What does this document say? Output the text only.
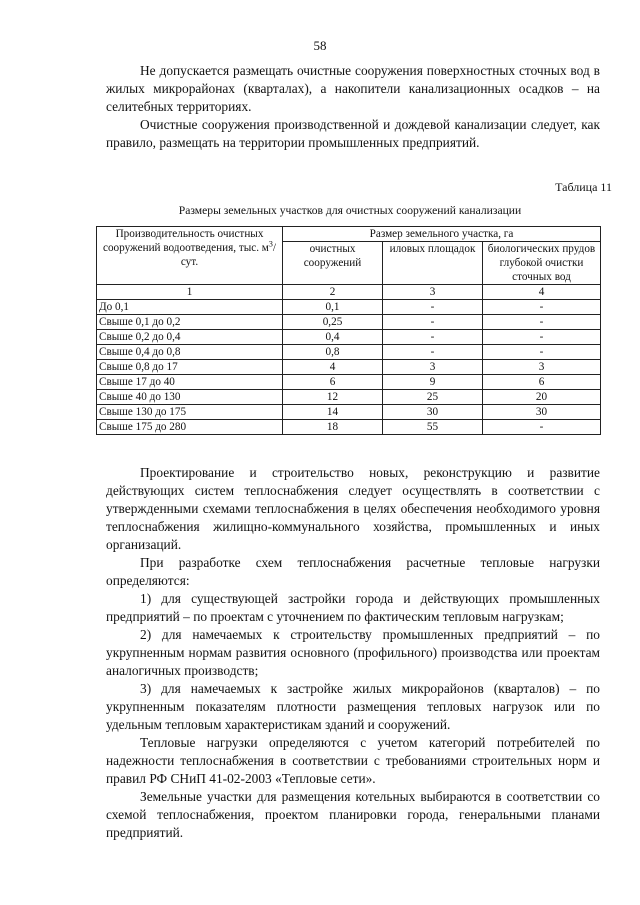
58

Не допускается размещать очистные сооружения поверхностных сточных вод в жилых микрорайонах (кварталах), а накопители канализационных осадков – на селитебных территориях.

Очистные сооружения производственной и дождевой канализации следует, как правило, размещать на территории промышленных предприятий.

Таблица 11
Размеры земельных участков для очистных сооружений канализации
Производительность очистных сооружений водоотведения, тыс. $м^3$/сут.	Размер земельного участка, га		
	очистных сооружений	иловых площадок	биологических прудов глубокой очистки сточных вод
1	2	3	4
До 0,1	0,1	-	-
Свыше 0,1 до 0,2	0,25	-	-
Свыше 0,2 до 0,4	0,4	-	-
Свыше 0,4 до 0,8	0,8	-	-
Свыше 0,8 до 17	4	3	3
Свыше 17 до 40	6	9	6
Свыше 40 до 130	12	25	20
Свыше 130 до 175	14	30	30
Свыше 175 до 280	18	55	-

Проектирование и строительство новых, реконструкцию и развитие действующих систем теплоснабжения следует осуществлять в соответствии с утвержденными схемами теплоснабжения в целях обеспечения необходимого уровня теплоснабжения жилищно-коммунального хозяйства, промышленных и иных организаций.

При разработке схем теплоснабжения расчетные тепловые нагрузки определяются:

1) для существующей застройки города и действующих промышленных предприятий – по проектам с уточнением по фактическим тепловым нагрузкам;

2) для намечаемых к строительству промышленных предприятий – по укрупненным нормам развития основного (профильного) производства или проектам аналогичных производств;

3) для намечаемых к застройке жилых микрорайонов (кварталов) – по укрупненным показателям плотности размещения тепловых нагрузок или по удельным тепловым характеристикам зданий и сооружений.

Тепловые нагрузки определяются с учетом категорий потребителей по надежности теплоснабжения в соответствии с требованиями строительных норм и правил РФ СНиП 41-02-2003 «Тепловые сети».

Земельные участки для размещения котельных выбираются в соответствии со схемой теплоснабжения, проектом планировки города, генеральными планами предприятий.
